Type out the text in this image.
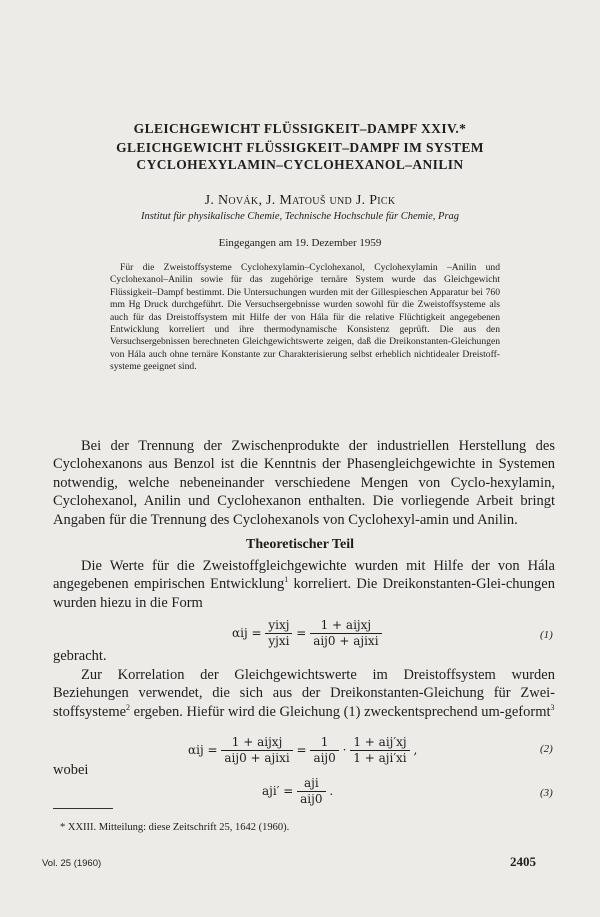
GLEICHGEWICHT FLÜSSIGKEIT–DAMPF XXIV.*
GLEICHGEWICHT FLÜSSIGKEIT–DAMPF IM SYSTEM
CYCLOHEXYLAMIN–CYCLOHEXANOL–ANILIN
J. Novák, J. Matouš und J. Pick
Institut für physikalische Chemie, Technische Hochschule für Chemie, Prag
Eingegangen am 19. Dezember 1959
Für die Zweistoffsysteme Cyclohexylamin–Cyclohexanol, Cyclohexylamin –Anilin und Cyclohexanol–Anilin sowie für das zugehörige ternäre System wurde das Gleichgewicht Flüssigkeit–Dampf bestimmt. Die Untersuchungen wurden mit der Gillespieschen Apparatur bei 760 mm Hg Druck durchgeführt. Die Versuchsergebnisse wurden sowohl für die Zweistoffsysteme als auch für das Dreistoffsystem mit Hilfe der von Hála für die relative Flüchtigkeit angegebenen Entwicklung korreliert und ihre thermodynamische Konsistenz geprüft. Die aus den Versuchsergebnissen berechneten Gleichgewichtswerte zeigen, daß die Dreikonstanten-Gleichungen von Hála auch ohne ternäre Konstante zur Charakterisierung selbst erheblich nichtidealer Dreistoff-systeme geeignet sind.
Bei der Trennung der Zwischenprodukte der industriellen Herstellung des Cyclohexanons aus Benzol ist die Kenntnis der Phasengleichgewichte in Systemen notwendig, welche nebeneinander verschiedene Mengen von Cyclo-hexylamin, Cyclohexanol, Anilin und Cyclohexanon enthalten. Die vorliegende Arbeit bringt Angaben für die Trennung des Cyclohexanols von Cyclohexyl-amin und Anilin.
Theoretischer Teil
Die Werte für die Zweistoffgleichgewichte wurden mit Hilfe der von Hála angegebenen empirischen Entwicklung$^1$ korreliert. Die Dreikonstanten-Glei-chungen wurden hiezu in die Form
$\alpha ij = \frac{\text{yixj}}{\text{yjxi}} = \frac{\text{1 + aijxj}}{\text{aij0 + ajixi}}$	(1)
gebracht.
Zur Korrelation der Gleichgewichtswerte im Dreistoffsystem wurden Beziehungen verwendet, die sich aus der Dreikonstanten-Gleichung für Zwei-stoffsysteme$^2$ ergeben. Hiefür wird die Gleichung (1) zweckentsprechend um-geformt$^3$
$\alpha ij = \frac{\text{1 + aijxj}}{\text{aij0 + ajixi}} = \frac{1}{\text{aij0}} \cdot \frac{\text{1 + aij′xj}}{\text{1 + aji′xi}}$ ,	(2)
wobei
$aji' = \frac{\text{aji}}{\text{aij0}}$ .	(3)
* XXIII. Mitteilung: diese Zeitschrift 25, 1642 (1960).
Vol. 25 (1960)	2405
